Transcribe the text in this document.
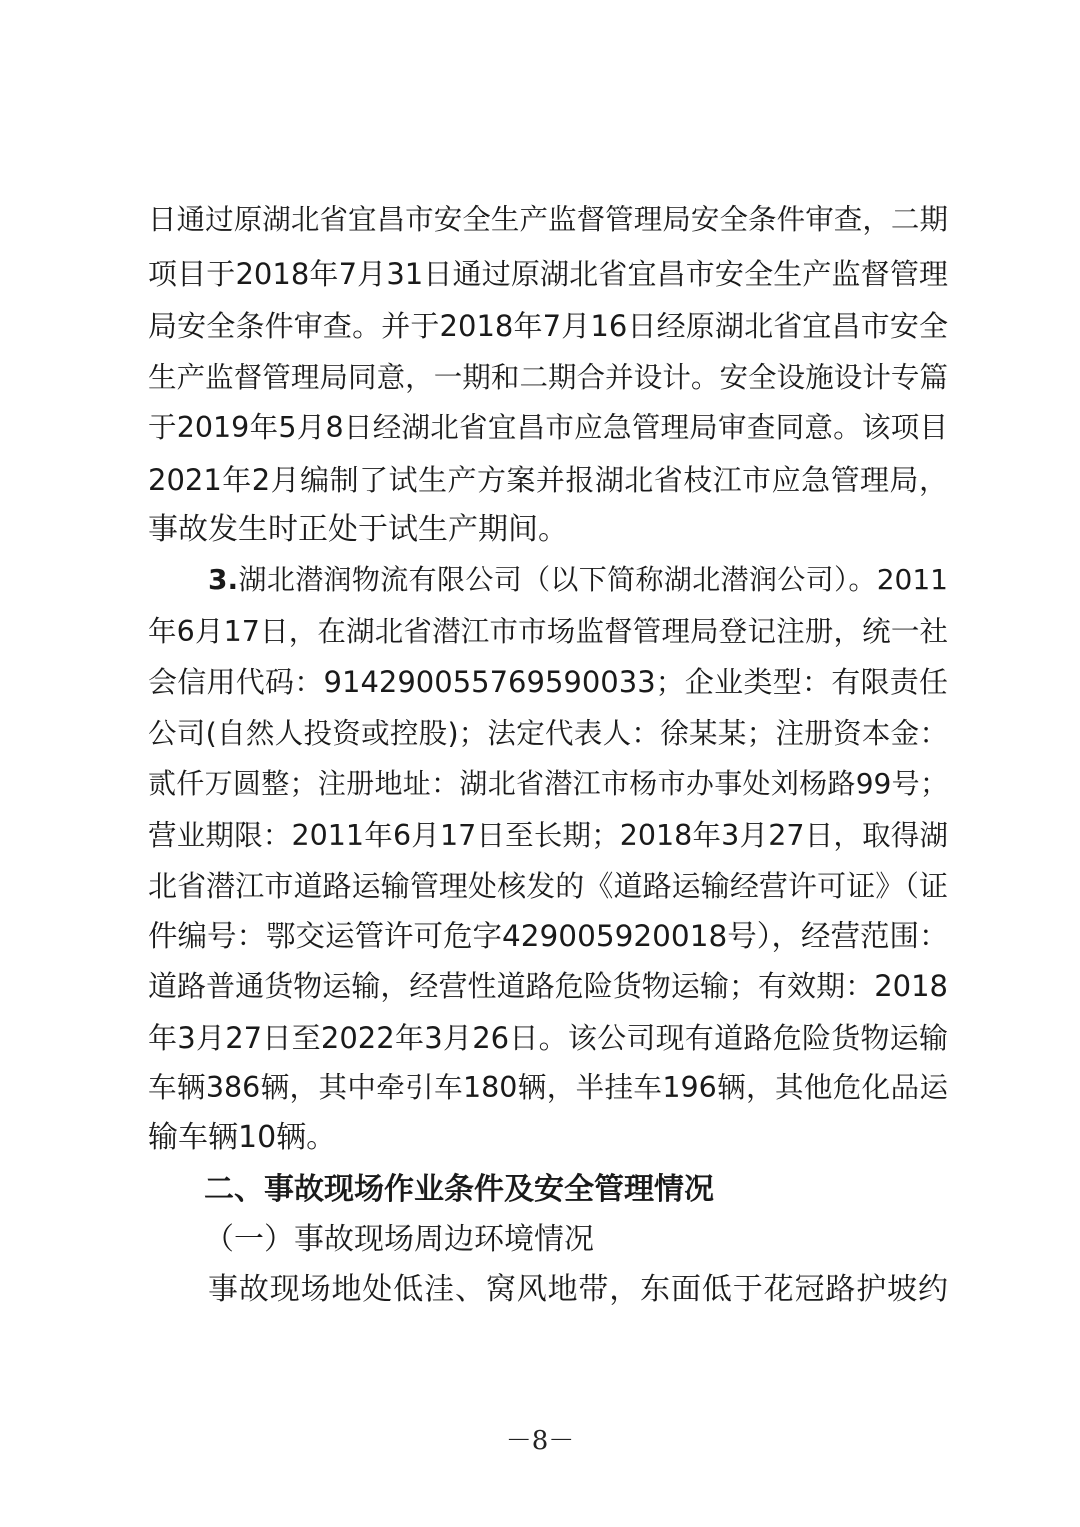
日通过原湖北省宜昌市安全生产监督管理局安全条件审查，二期
项目于2018年7月31日通过原湖北省宜昌市安全生产监督管理
局安全条件审查。并于2018年7月16日经原湖北省宜昌市安全
生产监督管理局同意，一期和二期合并设计。安全设施设计专篇
于2019年5月8日经湖北省宜昌市应急管理局审查同意。该项目
2021年2月编制了试生产方案并报湖北省枝江市应急管理局，
事故发生时正处于试生产期间。
3.湖北潜润物流有限公司（以下简称湖北潜润公司）。2011
年6月17日，在湖北省潜江市市场监督管理局登记注册，统一社
会信用代码：914290055769590033；企业类型：有限责任
公司(自然人投资或控股)；法定代表人：徐某某；注册资本金：
贰仟万圆整；注册地址：湖北省潜江市杨市办事处刘杨路99号；
营业期限：2011年6月17日至长期；2018年3月27日，取得湖
北省潜江市道路运输管理处核发的《道路运输经营许可证》（证
件编号：鄂交运管许可危字429005920018号），经营范围：
道路普通货物运输，经营性道路危险货物运输；有效期：2018
年3月27日至2022年3月26日。该公司现有道路危险货物运输
车辆386辆，其中牵引车180辆，半挂车196辆，其他危化品运
输车辆10辆。
二、事故现场作业条件及安全管理情况
（一）事故现场周边环境情况
事故现场地处低洼、窝风地带，东面低于花冠路护坡约
－8－
